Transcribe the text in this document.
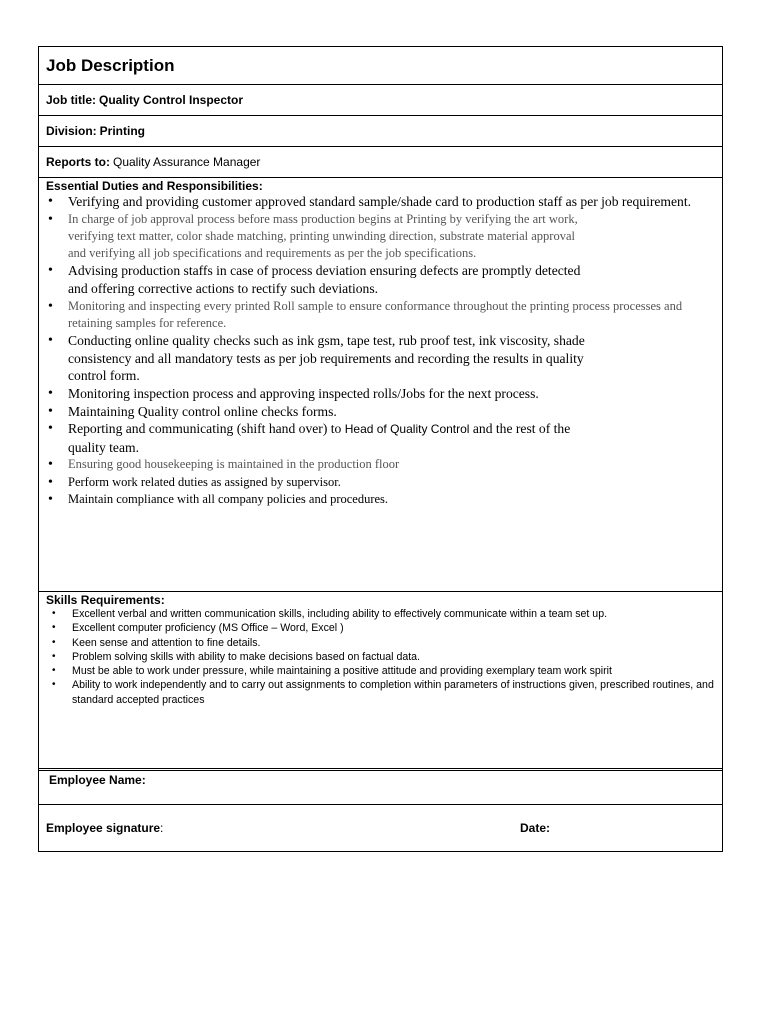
Job Description
Job title: Quality Control Inspector
Division: Printing
Reports to: Quality Assurance Manager
Essential Duties and Responsibilities:
• Verifying and providing customer approved standard sample/shade card to production staff as per job requirement.
• In charge of job approval process before mass production begins at Printing by verifying the art work, verifying text matter, color shade matching, printing unwinding direction, substrate material approval and verifying all job specifications and requirements as per the job specifications.
• Advising production staffs in case of process deviation ensuring defects are promptly detected and offering corrective actions to rectify such deviations.
• Monitoring and inspecting every printed Roll sample to ensure conformance throughout the printing process processes and retaining samples for reference.
• Conducting online quality checks such as ink gsm, tape test, rub proof test, ink viscosity, shade consistency and all mandatory tests as per job requirements and recording the results in quality control form.
• Monitoring inspection process and approving inspected rolls/Jobs for the next process.
• Maintaining Quality control online checks forms.
• Reporting and communicating (shift hand over) to Head of Quality Control and the rest of the quality team.
• Ensuring good housekeeping is maintained in the production floor
• Perform work related duties as assigned by supervisor.
• Maintain compliance with all company policies and procedures.
Skills Requirements:
• Excellent verbal and written communication skills, including ability to effectively communicate within a team set up.
• Excellent computer proficiency (MS Office – Word, Excel )
• Keen sense and attention to fine details.
• Problem solving skills with ability to make decisions based on factual data.
• Must be able to work under pressure, while maintaining a positive attitude and providing exemplary team work spirit
• Ability to work independently and to carry out assignments to completion within parameters of instructions given, prescribed routines, and standard accepted practices
Employee Name:
Employee signature:	Date:
